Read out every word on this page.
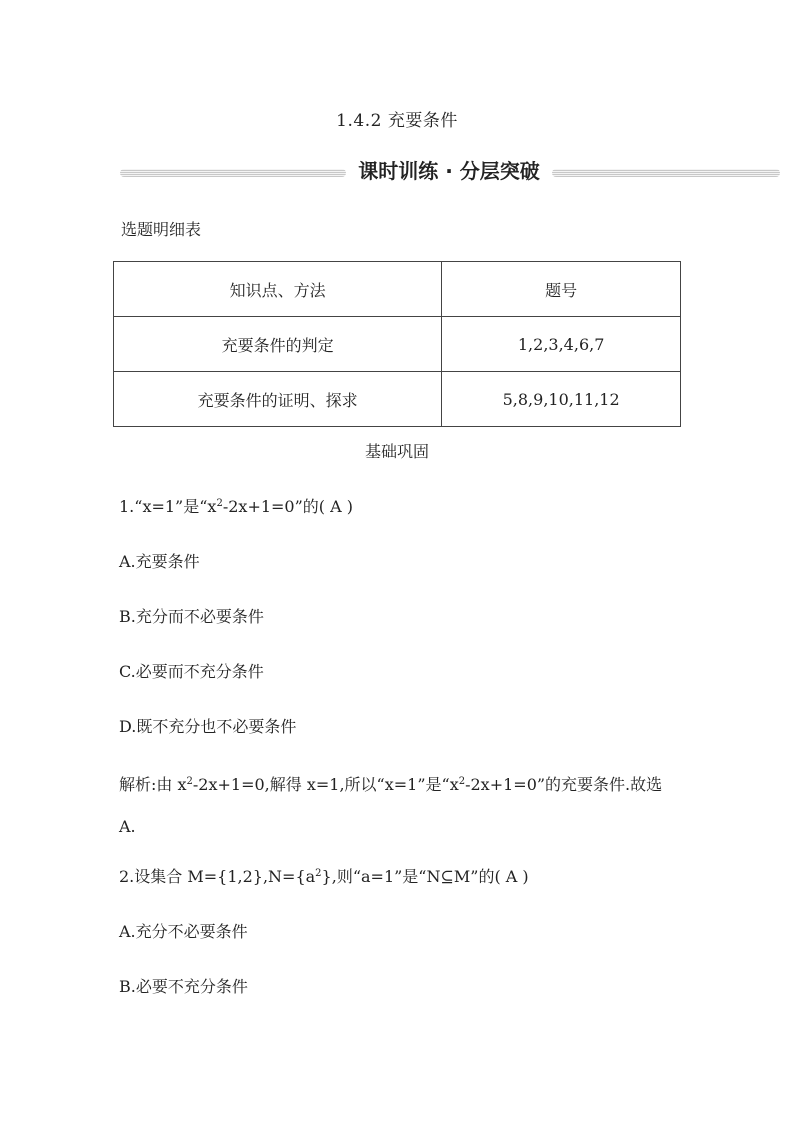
1.4.2 充要条件
课时训练 · 分层突破
选题明细表
知识点、方法	题号
充要条件的判定	1,2,3,4,6,7
充要条件的证明、探求	5,8,9,10,11,12
基础巩固
1.“x=1”是“$x^2-2x+1=0$”的( A )
A.充要条件
B.充分而不必要条件
C.必要而不充分条件
D.既不充分也不必要条件
解析:由 $x^2-2x+1=0$,解得 x=1,所以“x=1”是“$x^2-2x+1=0$”的充要条件.故选 A.
2.设集合 $M=\{1,2\},N=\{a^2\}$,则“a=1”是“N⊆M”的( A )
A.充分不必要条件
B.必要不充分条件
